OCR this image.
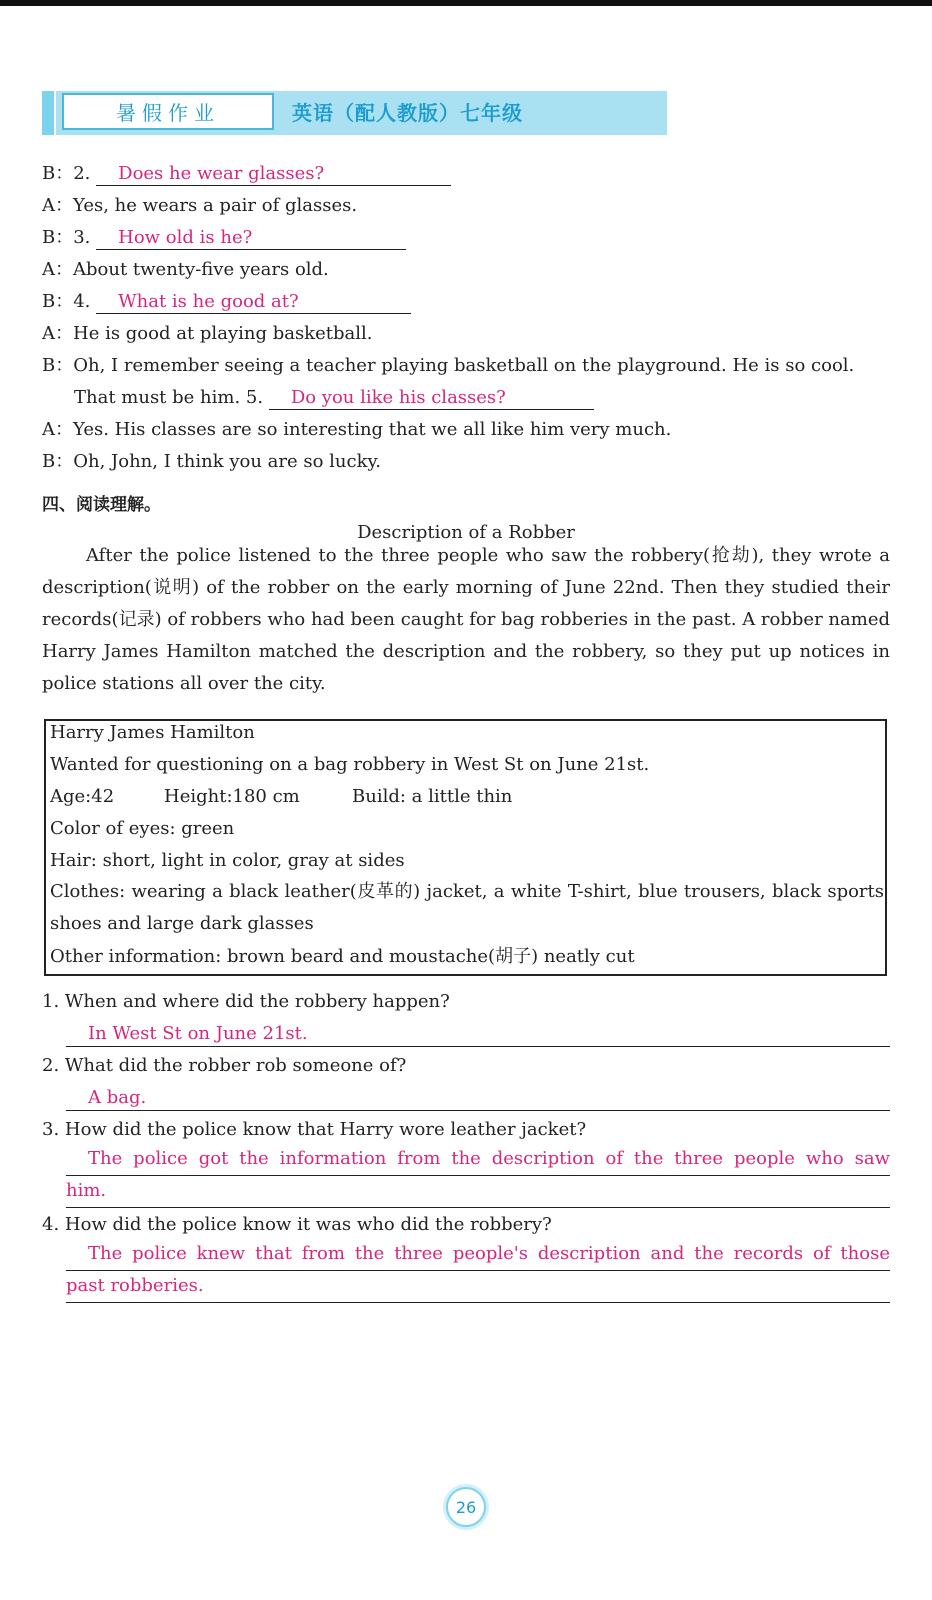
暑假作业	英语（配人教版）七年级
B：2. Does he wear glasses?
A：Yes, he wears a pair of glasses.
B：3. How old is he?
A：About twenty-five years old.
B：4. What is he good at?
A：He is good at playing basketball.
B：Oh, I remember seeing a teacher playing basketball on the playground. He is so cool.
That must be him. 5. Do you like his classes?
A：Yes. His classes are so interesting that we all like him very much.
B：Oh, John, I think you are so lucky.
四、阅读理解。
Description of a Robber
After the police listened to the three people who saw the robbery(抢劫), they wrote a description(说明) of the robber on the early morning of June 22nd. Then they studied their records(记录) of robbers who had been caught for bag robberies in the past. A robber named Harry James Hamilton matched the description and the robbery, so they put up notices in police stations all over the city.
Harry James Hamilton
Wanted for questioning on a bag robbery in West St on June 21st.
Age:42	Height:180 cm	Build: a little thin
Color of eyes: green
Hair: short, light in color, gray at sides
Clothes: wearing a black leather(皮革的) jacket, a white T-shirt, blue trousers, black sports shoes and large dark glasses
Other information: brown beard and moustache(胡子) neatly cut
1. When and where did the robbery happen?
In West St on June 21st.
2. What did the robber rob someone of?
A bag.
3. How did the police know that Harry wore leather jacket?
The police got the information from the description of the three people who saw
him.
4. How did the police know it was who did the robbery?
The police knew that from the three people's description and the records of those
past robberies.
26
